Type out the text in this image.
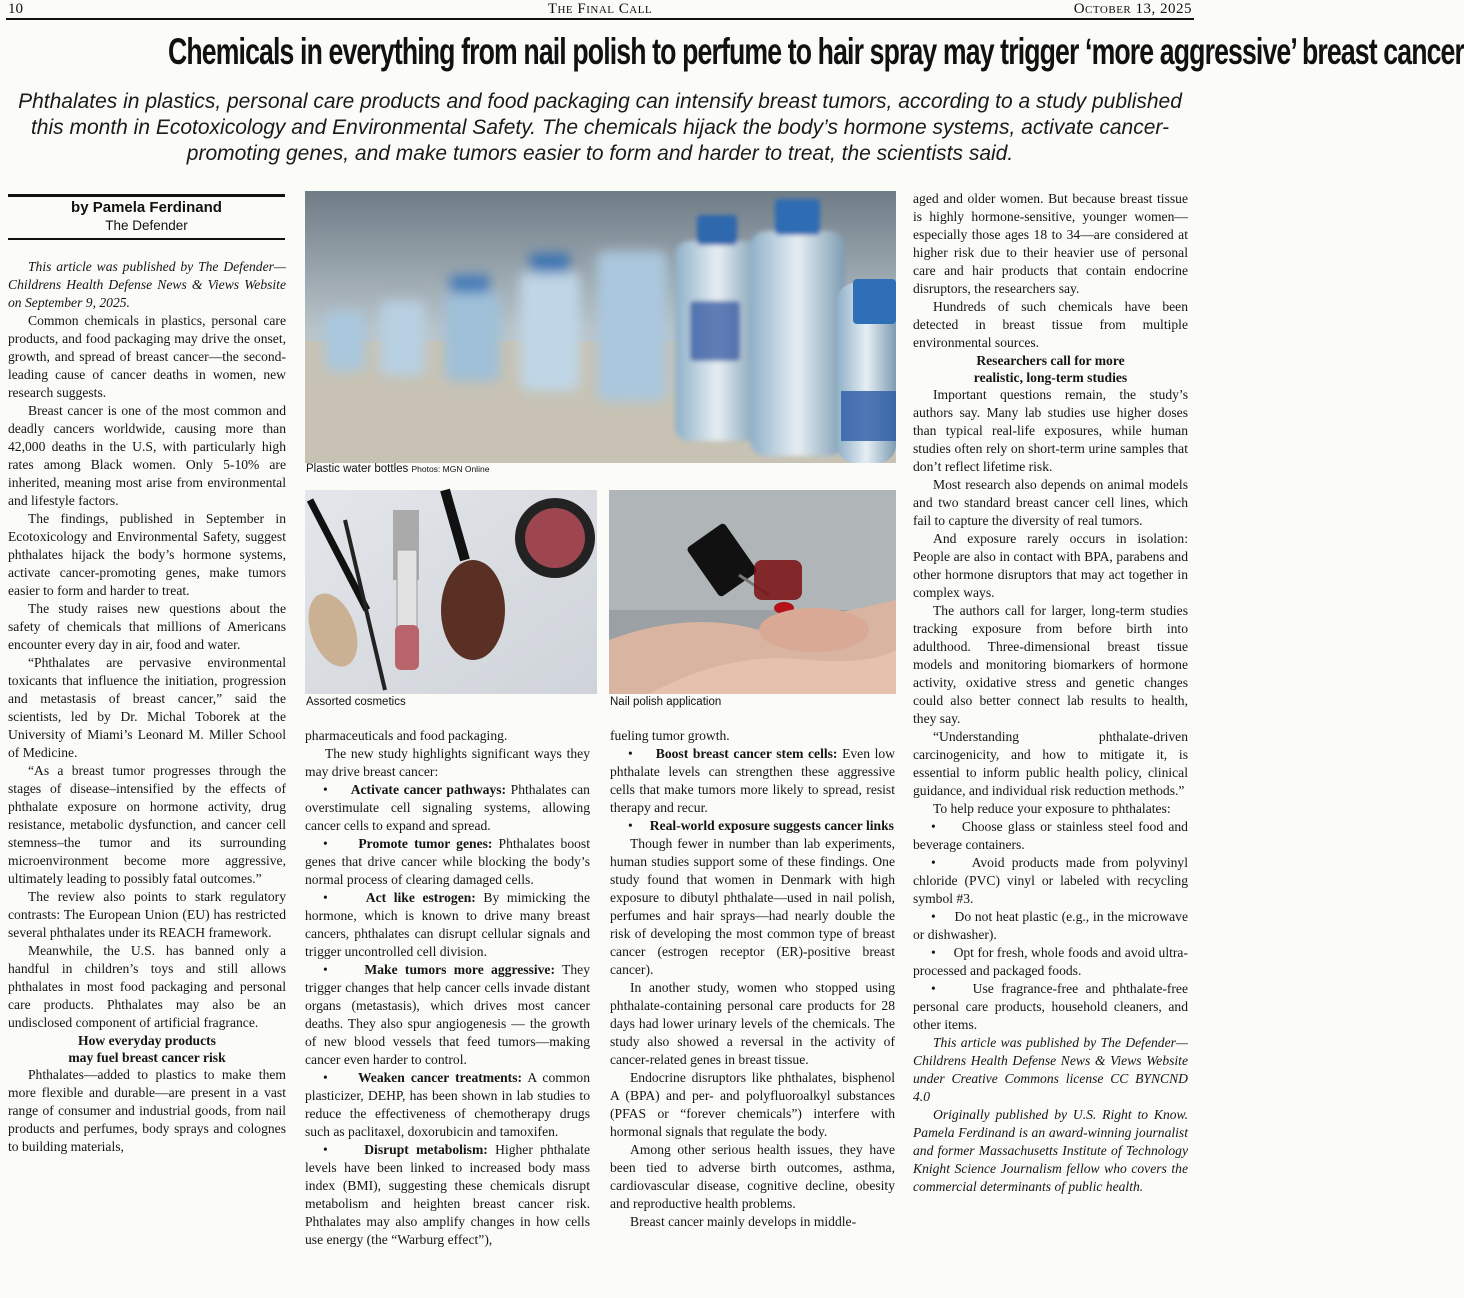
10	The Final Call	October 13, 2025
Chemicals in everything from nail polish to perfume to hair spray may trigger ‘more aggressive’ breast cancer
Phthalates in plastics, personal care products and food packaging can intensify breast tumors, according to a study published this month in Ecotoxicology and Environmental Safety. The chemicals hijack the body’s hormone systems, activate cancer-promoting genes, and make tumors easier to form and harder to treat, the scientists said.
by Pamela Ferdinand
The Defender
Plastic water bottles Photos: MGN Online
Assorted cosmetics	Nail polish application

This article was published by The Defender—Childrens Health Defense News & Views Website on September 9, 2025.

Common chemicals in plastics, personal care products, and food packaging may drive the onset, growth, and spread of breast cancer—the second-leading cause of cancer deaths in women, new research suggests.

Breast cancer is one of the most common and deadly cancers worldwide, causing more than 42,000 deaths in the U.S, with particularly high rates among Black women. Only 5-10% are inherited, meaning most arise from environmental and lifestyle factors.

The findings, published in September in Ecotoxicology and Environmental Safety, suggest phthalates hijack the body’s hormone systems, activate cancer-promoting genes, make tumors easier to form and harder to treat.

The study raises new questions about the safety of chemicals that millions of Americans encounter every day in air, food and water.

“Phthalates are pervasive environmental toxicants that influence the initiation, progression and metastasis of breast cancer,” said the scientists, led by Dr. Michal Toborek at the University of Miami’s Leonard M. Miller School of Medicine.

“As a breast tumor progresses through the stages of disease–intensified by the effects of phthalate exposure on hormone activity, drug resistance, metabolic dysfunction, and cancer cell stemness–the tumor and its surrounding microenvironment become more aggressive, ultimately leading to possibly fatal outcomes.”

The review also points to stark regulatory contrasts: The European Union (EU) has restricted several phthalates under its REACH framework.

Meanwhile, the U.S. has banned only a handful in children’s toys and still allows phthalates in most food packaging and personal care products. Phthalates may also be an undisclosed component of artificial fragrance.

How everyday products
may fuel breast cancer risk

Phthalates—added to plastics to make them more flexible and durable—are present in a vast range of consumer and industrial goods, from nail products and perfumes, body sprays and colognes to building materials,

pharmaceuticals and food packaging.

The new study highlights significant ways they may drive breast cancer:

• Activate cancer pathways: Phthalates can overstimulate cell signaling systems, allowing cancer cells to expand and spread.

• Promote tumor genes: Phthalates boost genes that drive cancer while blocking the body’s normal process of clearing damaged cells.

•	Act like estrogen: By mimicking the hormone, which is known to drive many breast cancers, phthalates can disrupt cellular signals and trigger uncontrolled cell division.

•	Make tumors more aggressive: They trigger changes that help cancer cells invade distant organs (metastasis), which drives most cancer deaths. They also spur angiogenesis — the growth of new blood vessels that feed tumors—making cancer even harder to control.

• Weaken cancer treatments: A common plasticizer, DEHP, has been shown in lab studies to reduce the effectiveness of chemotherapy drugs such as paclitaxel, doxorubicin and tamoxifen.

•	Disrupt metabolism: Higher phthalate levels have been linked to increased body mass index (BMI), suggesting these chemicals disrupt metabolism and heighten breast cancer risk. Phthalates may also amplify changes in how cells use energy (the “Warburg effect”),

fueling tumor growth.

• Boost breast cancer stem cells: Even low phthalate levels can strengthen these aggressive cells that make tumors more likely to spread, resist therapy and recur.

• Real-world exposure suggests cancer links

Though fewer in number than lab experiments, human studies support some of these findings. One study found that women in Denmark with high exposure to dibutyl phthalate—used in nail polish, perfumes and hair sprays—had nearly double the risk of developing the most common type of breast cancer (estrogen receptor (ER)-positive breast cancer).

In another study, women who stopped using phthalate-containing personal care products for 28 days had lower urinary levels of the chemicals. The study also showed a reversal in the activity of cancer-related genes in breast tissue.

Endocrine disruptors like phthalates, bisphenol A (BPA) and per- and polyfluoroalkyl substances (PFAS or “forever chemicals”) interfere with hormonal signals that regulate the body.

Among other serious health issues, they have been tied to adverse birth outcomes, asthma, cardiovascular disease, cognitive decline, obesity and reproductive health problems.

Breast cancer mainly develops in middle-

aged and older women. But because breast tissue is highly hormone-sensitive, younger women—especially those ages 18 to 34—are considered at higher risk due to their heavier use of personal care and hair products that contain endocrine disruptors, the researchers say.

Hundreds of such chemicals have been detected in breast tissue from multiple environmental sources.

Researchers call for more
realistic, long-term studies

Important questions remain, the study’s authors say. Many lab studies use higher doses than typical real-life exposures, while human studies often rely on short-term urine samples that don’t reflect lifetime risk.

Most research also depends on animal models and two standard breast cancer cell lines, which fail to capture the diversity of real tumors.

And exposure rarely occurs in isolation: People are also in contact with BPA, parabens and other hormone disruptors that may act together in complex ways.

The authors call for larger, long-term studies tracking exposure from before birth into adulthood. Three-dimensional breast tissue models and monitoring biomarkers of hormone activity, oxidative stress and genetic changes could also better connect lab results to health, they say.

“Understanding phthalate-driven carcinogenicity, and how to mitigate it, is essential to inform public health policy, clinical guidance, and individual risk reduction methods.”

To help reduce your exposure to phthalates:

• Choose glass or stainless steel food and beverage containers.

•	Avoid products made from polyvinyl chloride (PVC) vinyl or labeled with recycling symbol #3.

• Do not heat plastic (e.g., in the microwave or dishwasher).

• Opt for fresh, whole foods and avoid ultra-processed and packaged foods.

•	Use fragrance-free and phthalate-free personal care products, household cleaners, and other items.

This article was published by The Defender—Childrens Health Defense News & Views Website under Creative Commons license CC BYNCND 4.0

Originally published by U.S. Right to Know. Pamela Ferdinand is an award-winning journalist and former Massachusetts Institute of Technology Knight Science Journalism fellow who covers the commercial determinants of public health.
